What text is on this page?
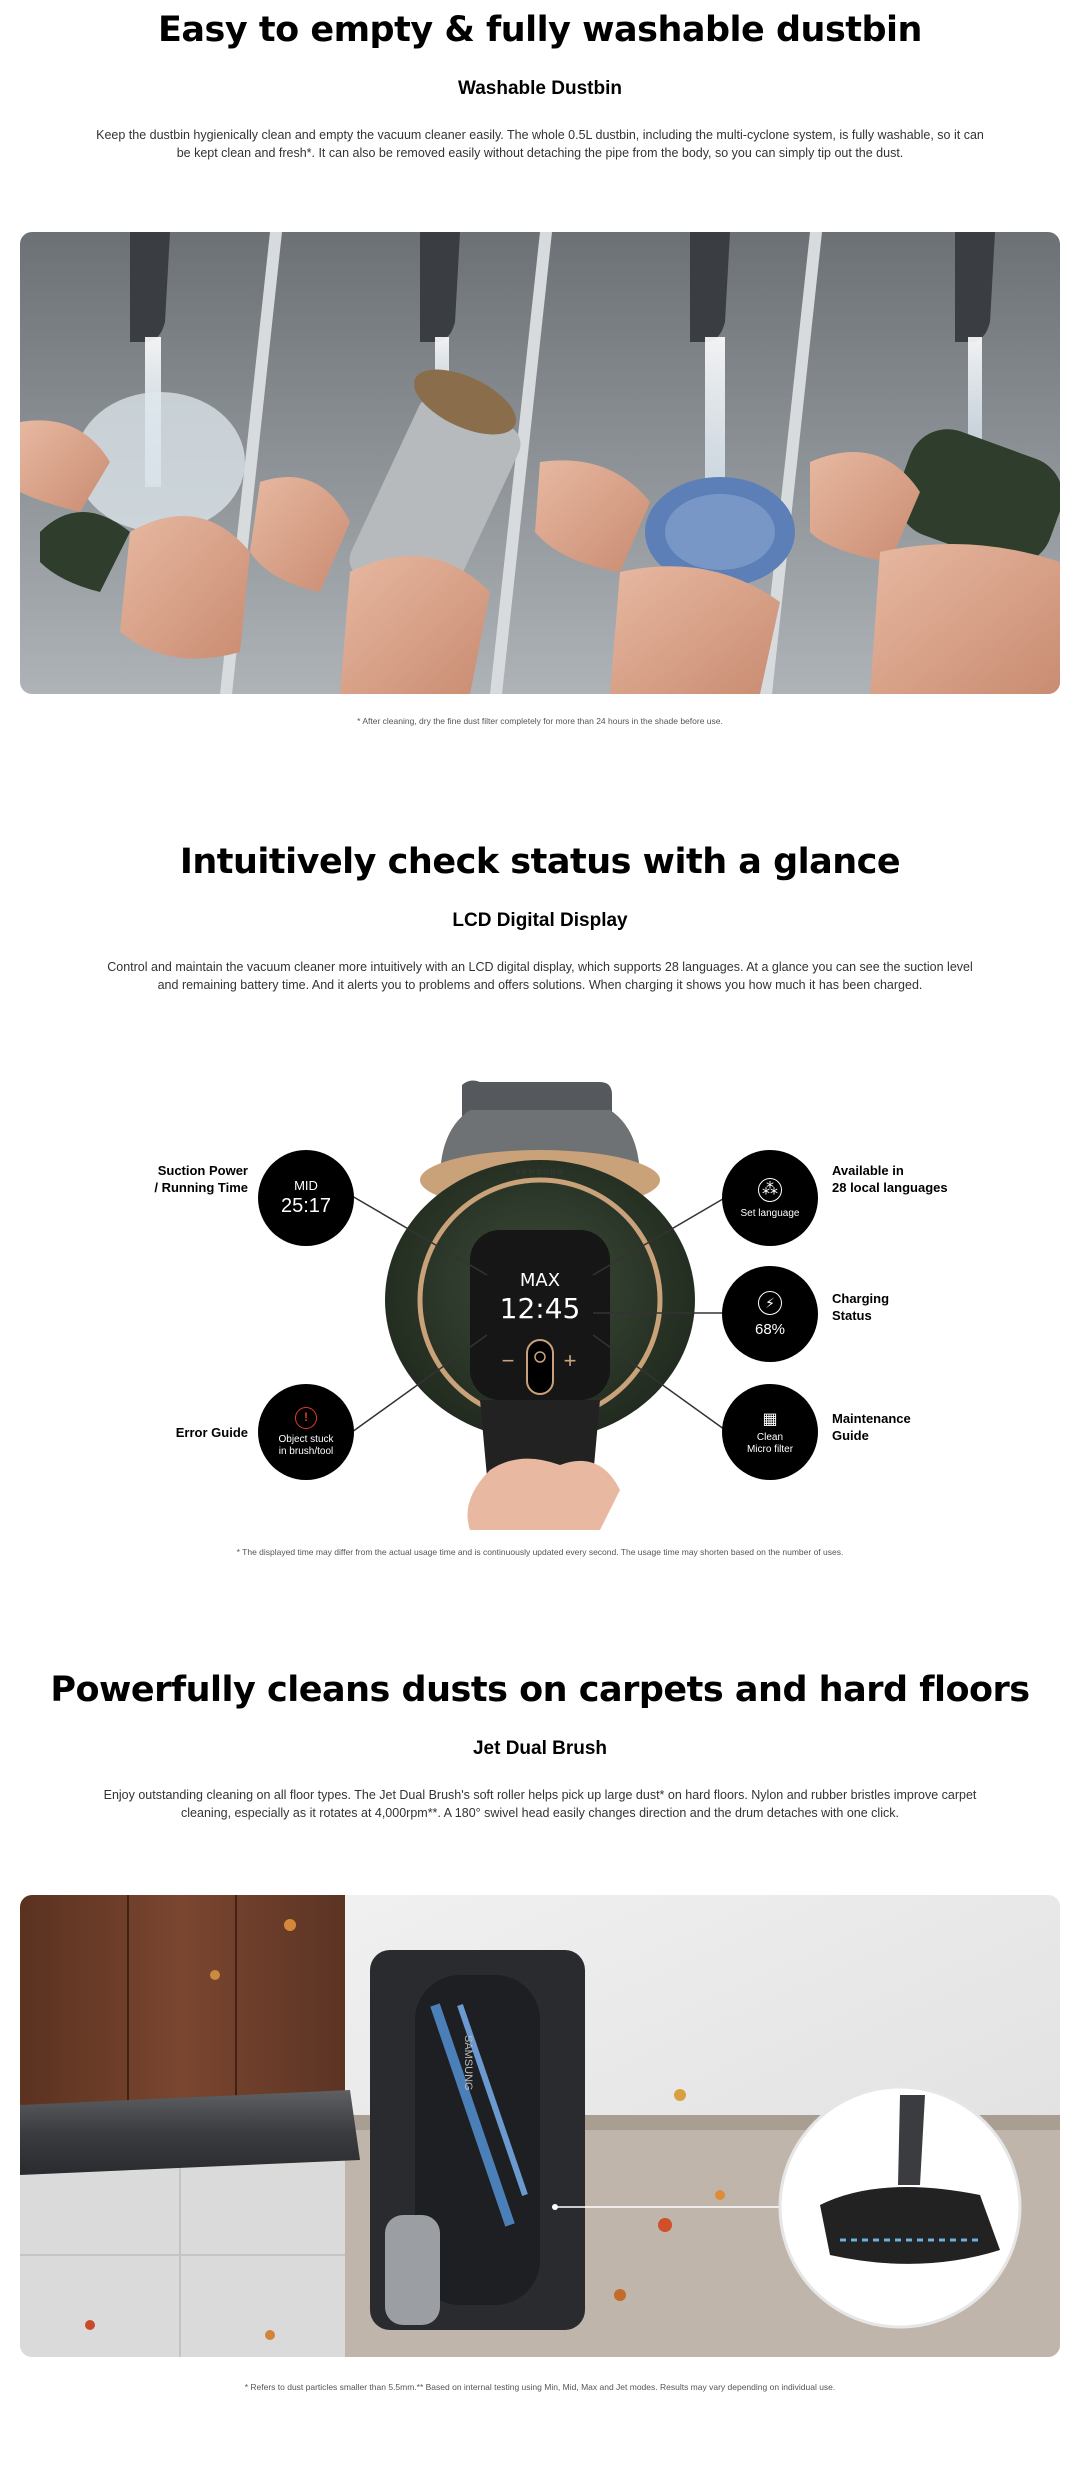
Easy to empty & fully washable dustbin
Washable Dustbin
Keep the dustbin hygienically clean and empty the vacuum cleaner easily. The whole 0.5L dustbin, including the multi-cyclone system, is fully washable, so it can
be kept clean and fresh*. It can also be removed easily without detaching the pipe from the body, so you can simply tip out the dust.
* After cleaning, dry the fine dust filter completely for more than 24 hours in the shade before use.
Intuitively check status with a glance
LCD Digital Display
Control and maintain the vacuum cleaner more intuitively with an LCD digital display, which supports 28 languages. At a glance you can see the suction level
and remaining battery time. And it alerts you to problems and offers solutions. When charging it shows you how much it has been charged.
MAX
12:45
− +
SAMSUNG
MID
25:17
Suction Power
/ Running Time	⁂
Set language
Available in
28 local languages
⚡
68%
Charging
Status
!
Object stuck
in brush/tool
Error Guide
▦
Clean
Micro filter
Maintenance
Guide
* The displayed time may differ from the actual usage time and is continuously updated every second. The usage time may shorten based on the number of uses.
Powerfully cleans dusts on carpets and hard floors
Jet Dual Brush
Enjoy outstanding cleaning on all floor types. The Jet Dual Brush's soft roller helps pick up large dust* on hard floors. Nylon and rubber bristles improve carpet
cleaning, especially as it rotates at 4,000rpm**. A 180° swivel head easily changes direction and the drum detaches with one click.
SAMSUNG
* Refers to dust particles smaller than 5.5mm.** Based on internal testing using Min, Mid, Max and Jet modes. Results may vary depending on individual use.
